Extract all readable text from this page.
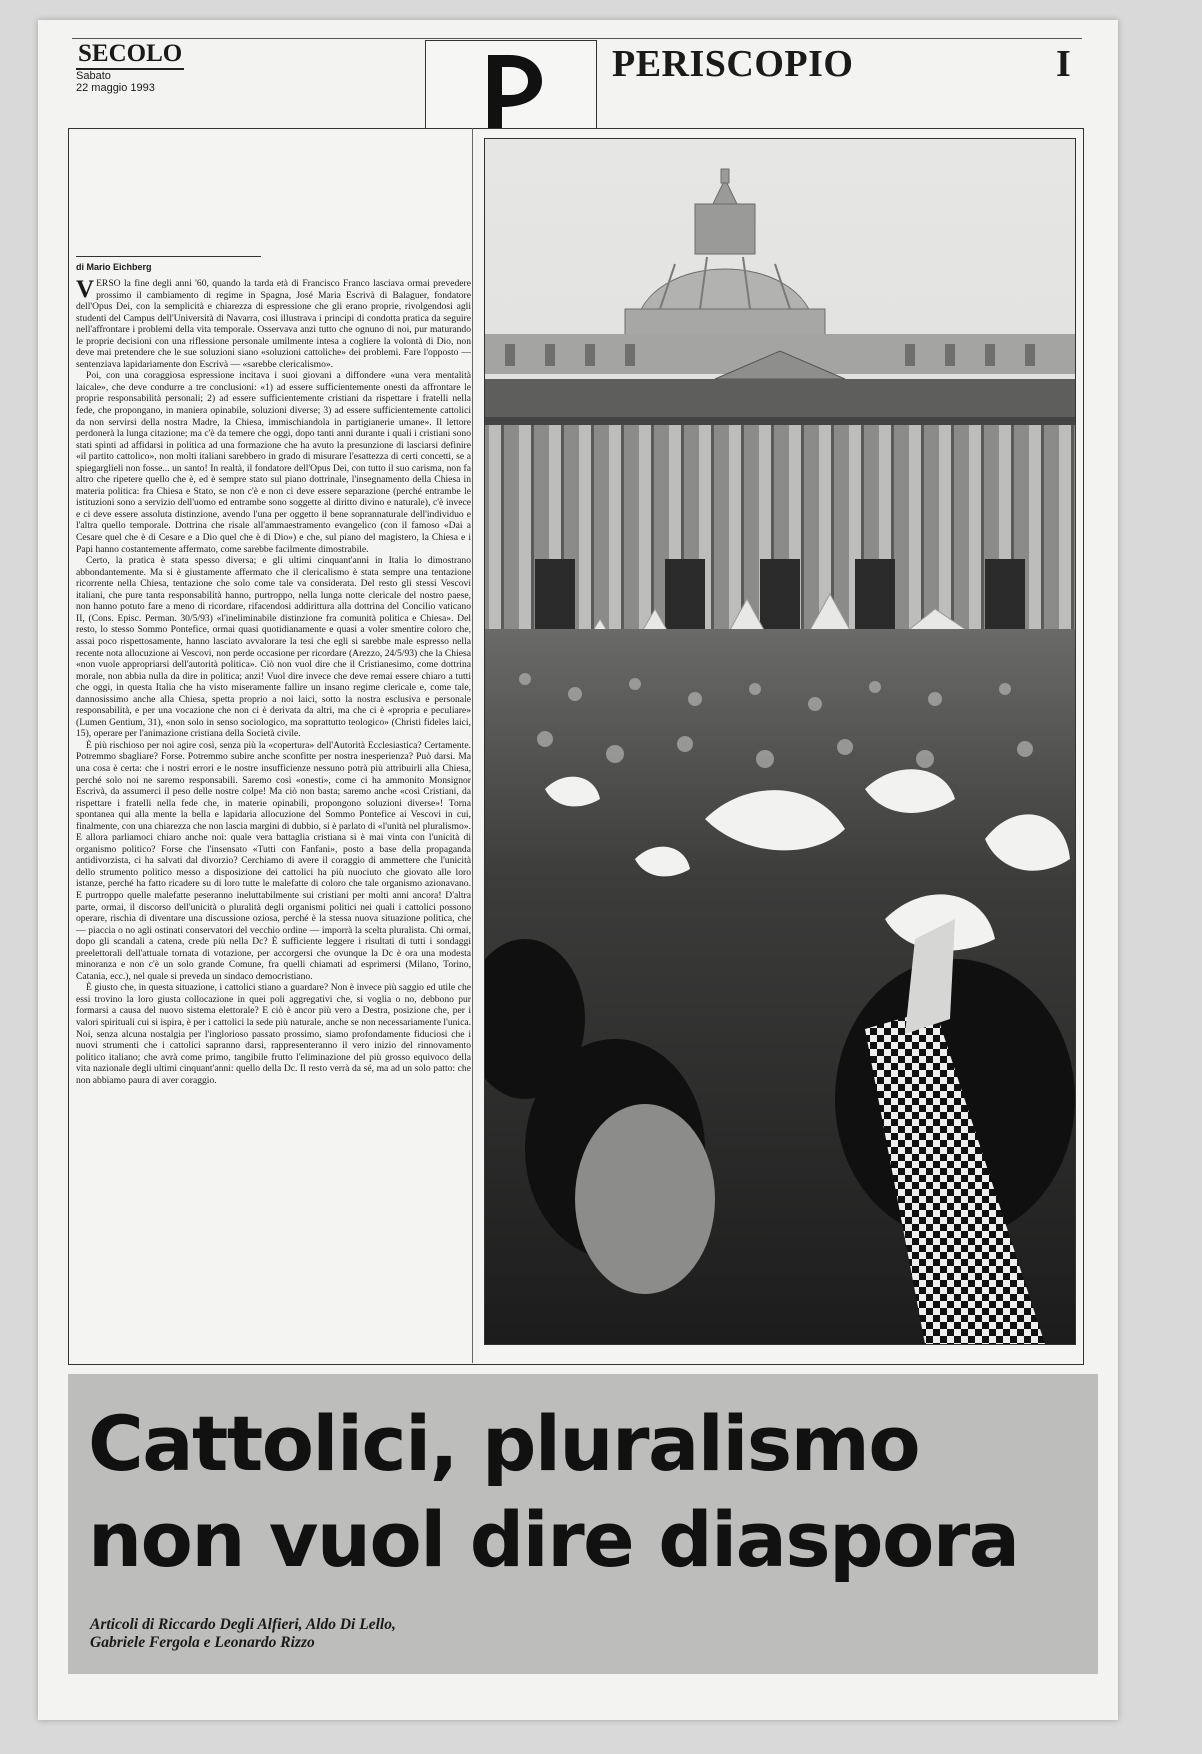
SECOLO
Sabato
22 maggio 1993
PERISCOPIO	I
di Mario Eichberg

VERSO la fine degli anni '60, quando la tarda età di Francisco Franco lasciava ormai prevedere prossimo il cambiamento di regime in Spagna, José Maria Escrivà di Balaguer, fondatore dell'Opus Dei, con la semplicità e chiarezza di espressione che gli erano proprie, rivolgendosi agli studenti del Campus dell'Università di Navarra, così illustrava i principi di condotta pratica da seguire nell'affrontare i problemi della vita temporale. Osservava anzi tutto che ognuno di noi, pur maturando le proprie decisioni con una riflessione personale umilmente intesa a cogliere la volontà di Dio, non deve mai pretendere che le sue soluzioni siano «soluzioni cattoliche» dei problemi. Fare l'opposto — sentenziava lapidariamente don Escrivà — «sarebbe clericalismo».

Poi, con una coraggiosa espressione incitava i suoi giovani a diffondere «una vera mentalità laicale», che deve condurre a tre conclusioni: «1) ad essere sufficientemente onesti da affrontare le proprie responsabilità personali; 2) ad essere sufficientemente cristiani da rispettare i fratelli nella fede, che propongano, in maniera opinabile, soluzioni diverse; 3) ad essere sufficientemente cattolici da non servirsi della nostra Madre, la Chiesa, immischiandola in partigianerie umane». Il lettore perdonerà la lunga citazione; ma c'è da temere che oggi, dopo tanti anni durante i quali i cristiani sono stati spinti ad affidarsi in politica ad una formazione che ha avuto la presunzione di lasciarsi definire «il partito cattolico», non molti italiani sarebbero in grado di misurare l'esattezza di certi concetti, se a spiegarglieli non fosse... un santo! In realtà, il fondatore dell'Opus Dei, con tutto il suo carisma, non fa altro che ripetere quello che è, ed è sempre stato sul piano dottrinale, l'insegnamento della Chiesa in materia politica: fra Chiesa e Stato, se non c'è e non ci deve essere separazione (perché entrambe le istituzioni sono a servizio dell'uomo ed entrambe sono soggette al diritto divino e naturale), c'è invece e ci deve essere assoluta distinzione, avendo l'una per oggetto il bene soprannaturale dell'individuo e l'altra quello temporale. Dottrina che risale all'ammaestramento evangelico (con il famoso «Dai a Cesare quel che è di Cesare e a Dio quel che è di Dio») e che, sul piano del magistero, la Chiesa e i Papi hanno costantemente affermato, come sarebbe facilmente dimostrabile.

Certo, la pratica è stata spesso diversa; e gli ultimi cinquant'anni in Italia lo dimostrano abbondantemente. Ma si è giustamente affermato che il clericalismo è stata sempre una tentazione ricorrente nella Chiesa, tentazione che solo come tale va considerata. Del resto gli stessi Vescovi italiani, che pure tanta responsabilità hanno, purtroppo, nella lunga notte clericale del nostro paese, non hanno potuto fare a meno di ricordare, rifacendosi addirittura alla dottrina del Concilio vaticano II, (Cons. Episc. Perman. 30/5/93) «l'ineliminabile distinzione fra comunità politica e Chiesa». Del resto, lo stesso Sommo Pontefice, ormai quasi quotidianamente e quasi a voler smentire coloro che, assai poco rispettosamente, hanno lasciato avvalorare la tesi che egli si sarebbe male espresso nella recente nota allocuzione ai Vescovi, non perde occasione per ricordare (Arezzo, 24/5/93) che la Chiesa «non vuole appropriarsi dell'autorità politica». Ciò non vuol dire che il Cristianesimo, come dottrina morale, non abbia nulla da dire in politica; anzi! Vuol dire invece che deve remai essere chiaro a tutti che oggi, in questa Italia che ha visto miseramente fallire un insano regime clericale e, come tale, dannosissimo anche alla Chiesa, spetta proprio a noi laici, sotto la nostra esclusiva e personale responsabilità, e per una vocazione che non ci è derivata da altri, ma che ci è «propria e peculiare» (Lumen Gentium, 31), «non solo in senso sociologico, ma soprattutto teologico» (Christi fideles laici, 15), operare per l'animazione cristiana della Società civile.

È più rischioso per noi agire così, senza più la «copertura» dell'Autorità Ecclesiastica? Certamente. Potremmo sbagliare? Forse. Potremmo subire anche sconfitte per nostra inesperienza? Può darsi. Ma una cosa è certa: che i nostri errori e le nostre insufficienze nessuno potrà più attribuirli alla Chiesa, perché solo noi ne saremo responsabili. Saremo così «onesti», come ci ha ammonito Monsignor Escrivà, da assumerci il peso delle nostre colpe! Ma ciò non basta; saremo anche «così Cristiani, da rispettare i fratelli nella fede che, in materie opinabili, propongono soluzioni diverse»! Torna spontanea qui alla mente la bella e lapidaria allocuzione del Sommo Pontefice ai Vescovi in cui, finalmente, con una chiarezza che non lascia margini di dubbio, si è parlato di «l'unità nel pluralismo». E allora parliamoci chiaro anche noi: quale vera battaglia cristiana si è mai vinta con l'unicità di organismo politico? Forse che l'insensato «Tutti con Fanfani», posto a base della propaganda antidivorzista, ci ha salvati dal divorzio? Cerchiamo di avere il coraggio di ammettere che l'unicità dello strumento politico messo a disposizione dei cattolici ha più nuociuto che giovato alle loro istanze, perché ha fatto ricadere su di loro tutte le malefatte di coloro che tale organismo azionavano. E purtroppo quelle malefatte peseranno ineluttabilmente sui cristiani per molti anni ancora! D'altra parte, ormai, il discorso dell'unicità o pluralità degli organismi politici nei quali i cattolici possono operare, rischia di diventare una discussione oziosa, perché è la stessa nuova situazione politica, che — piaccia o no agli ostinati conservatori del vecchio ordine — imporrà la scelta pluralista. Chi ormai, dopo gli scandali a catena, crede più nella Dc? È sufficiente leggere i risultati di tutti i sondaggi preelettorali dell'attuale tornata di votazione, per accorgersi che ovunque la Dc è ora una modesta minoranza e non c'è un solo grande Comune, fra quelli chiamati ad esprimersi (Milano, Torino, Catania, ecc.), nel quale si preveda un sindaco democristiano.

È giusto che, in questa situazione, i cattolici stiano a guardare? Non è invece più saggio ed utile che essi trovino la loro giusta collocazione in quei poli aggregativi che, si voglia o no, debbono pur formarsi a causa del nuovo sistema elettorale? E ciò è ancor più vero a Destra, posizione che, per i valori spirituali cui si ispira, è per i cattolici la sede più naturale, anche se non necessariamente l'unica. Noi, senza alcuna nostalgia per l'inglorioso passato prossimo, siamo profondamente fiduciosi che i nuovi strumenti che i cattolici sapranno darsi, rappresenteranno il vero inizio del rinnovamento politico italiano; che avrà come primo, tangibile frutto l'eliminazione del più grosso equivoco della vita nazionale degli ultimi cinquant'anni: quello della Dc. Il resto verrà da sé, ma ad un solo patto: che non abbiamo paura di aver coraggio.

Cattolici, pluralismo
non vuol dire diaspora
Articoli di Riccardo Degli Alfieri, Aldo Di Lello,
Gabriele Fergola e Leonardo Rizzo
